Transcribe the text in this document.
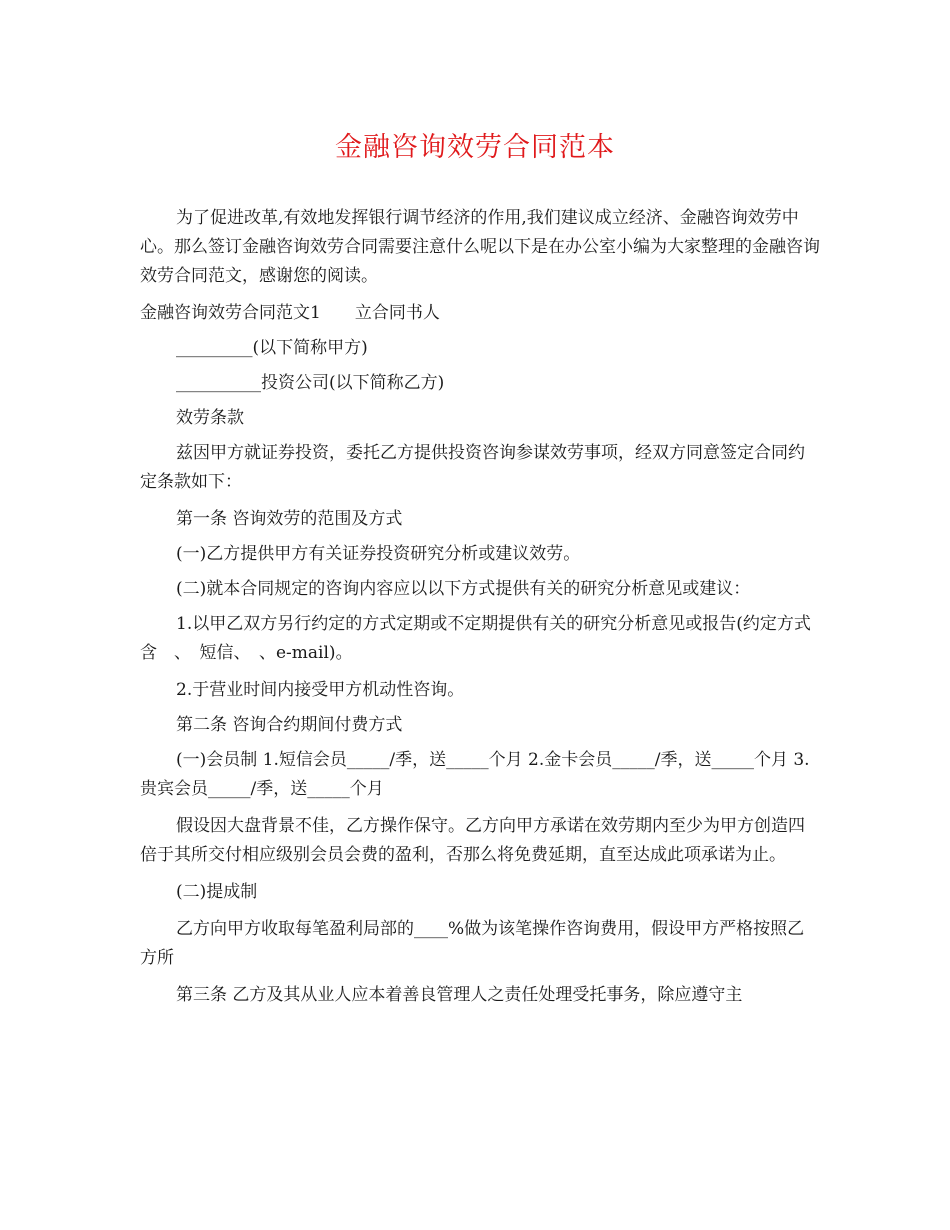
金融咨询效劳合同范本

为了促进改革,有效地发挥银行调节经济的作用,我们建议成立经济、金融咨询效劳中心。那么签订金融咨询效劳合同需要注意什么呢以下是在办公室小编为大家整理的金融咨询效劳合同范文，感谢您的阅读。

金融咨询效劳合同范文1　　立合同书人

_________(以下简称甲方)

__________投资公司(以下简称乙方)

效劳条款

兹因甲方就证券投资，委托乙方提供投资咨询参谋效劳事项，经双方同意签定合同约定条款如下：

第一条 咨询效劳的范围及方式

(一)乙方提供甲方有关证券投资研究分析或建议效劳。

(二)就本合同规定的咨询内容应以以下方式提供有关的研究分析意见或建议：

1.以甲乙双方另行约定的方式定期或不定期提供有关的研究分析意见或报告(约定方式含　、　短信、　、e-mail)。

2.于营业时间内接受甲方机动性咨询。

第二条 咨询合约期间付费方式

(一)会员制 1.短信会员_____/季，送_____个月 2.金卡会员_____/季，送_____个月 3.贵宾会员_____/季，送_____个月

假设因大盘背景不佳，乙方操作保守。乙方向甲方承诺在效劳期内至少为甲方创造四倍于其所交付相应级别会员会费的盈利，否那么将免费延期，直至达成此项承诺为止。

(二)提成制

乙方向甲方收取每笔盈利局部的____%做为该笔操作咨询费用，假设甲方严格按照乙方所

第三条 乙方及其从业人应本着善良管理人之责任处理受托事务，除应遵守主
